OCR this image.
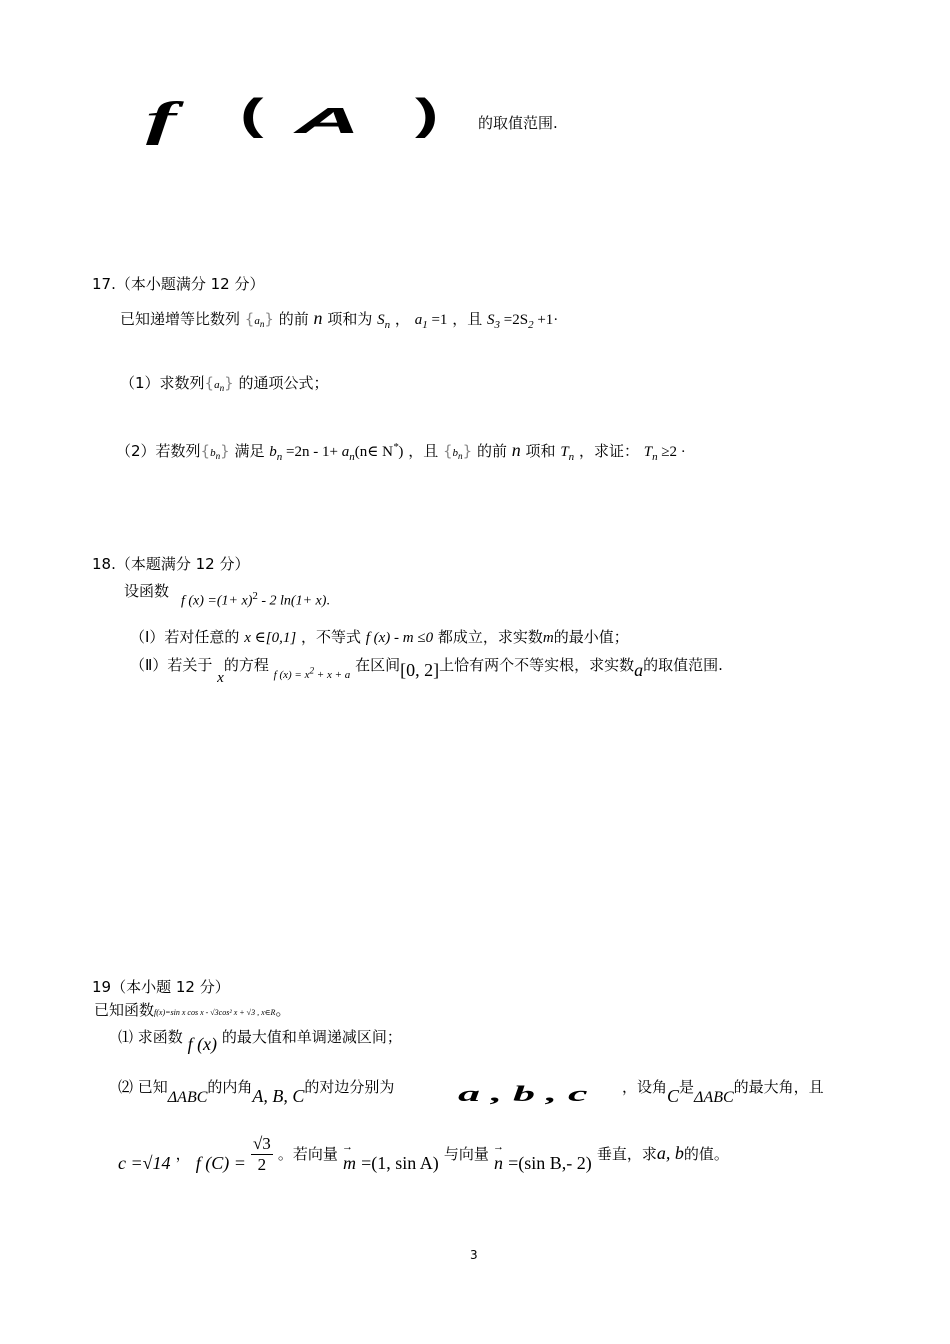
f ( A )	的取值范围.
17.（本小题满分 12 分）
已知递增等比数列 $\{a_n\}$ 的前 n 项和为 $S_n$ ， $a_1 =1$ ，且 $S_3 =2S_2 +1\cdot$
（1）求数列$\{a_n\}$ 的通项公式；
（2）若数列$\{b_n\}$ 满足 $b_n =2n - 1+$ $a_n(n\in$ N*) ，且 $\{b_n\}$ 的前 n 项和 $T_n$ ，求证： $T_n \ge 2$ ·
18.（本题满分 12 分）
设函数
f $(x) =(1+ x)^2 - 2$ ln(1+ x).
（Ⅰ）若对任意的 x ∈[0,1] ，不等式 f (x) - m ≤0 都成立，求实数m的最小值；
（Ⅱ）若关于 x的方程 $_{f (x) = x^2 + x + a}$ 在区间[0, 2]上恰有两个不等实根，求实数a的取值范围.
19（本小题 12 分）
已知函数f(x)=sin x cos x - √3cos² x + √3 , x∈R。
⑴ 求函数 f (x) 的最大值和单调递减区间；
⑵ 已知ΔABC的内角A, B, C的对边分别为	a , b , c ，设角C是ΔABC的最大角，且
c =√14 ， f $(C) = \frac{√3}{2}$ 。若向量 → m =(1, sin A) 与向量 → n =(sin B,- 2) 垂直，求a, b的值。
3
